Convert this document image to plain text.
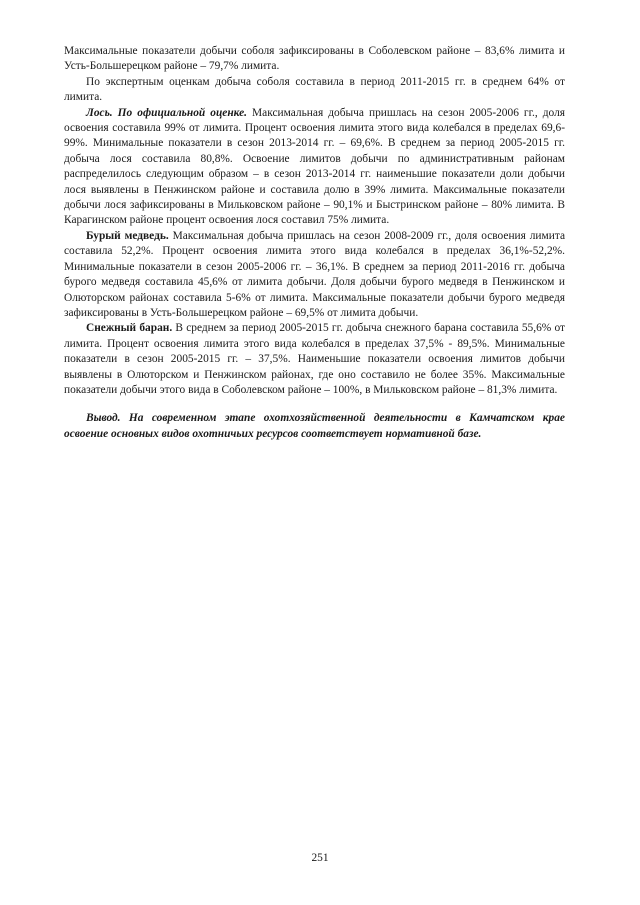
Максимальные показатели добычи соболя зафиксированы в Соболевском районе – 83,6% лимита и Усть-Большерецком районе – 79,7% лимита.

По экспертным оценкам добыча соболя составила в период 2011-2015 гг. в среднем 64% от лимита.

Лось. По официальной оценке. Максимальная добыча пришлась на сезон 2005-2006 гг., доля освоения составила 99% от лимита. Процент освоения лимита этого вида колебался в пределах 69,6-99%. Минимальные показатели в сезон 2013-2014 гг. – 69,6%. В среднем за период 2005-2015 гг. добыча лося составила 80,8%. Освоение лимитов добычи по административным районам распределилось следующим образом – в сезон 2013-2014 гг. наименьшие показатели доли добычи лося выявлены в Пенжинском районе и составила долю в 39% лимита. Максимальные показатели добычи лося зафиксированы в Мильковском районе – 90,1% и Быстринском районе – 80% лимита. В Карагинском районе процент освоения лося составил 75% лимита.

Бурый медведь. Максимальная добыча пришлась на сезон 2008-2009 гг., доля освоения лимита составила 52,2%. Процент освоения лимита этого вида колебался в пределах 36,1%-52,2%. Минимальные показатели в сезон 2005-2006 гг. – 36,1%. В среднем за период 2011-2016 гг. добыча бурого медведя составила 45,6% от лимита добычи. Доля добычи бурого медведя в Пенжинском и Олюторском районах составила 5-6% от лимита. Максимальные показатели добычи бурого медведя зафиксированы в Усть-Большерецком районе – 69,5% от лимита добычи.

Снежный баран. В среднем за период 2005-2015 гг. добыча снежного барана составила 55,6% от лимита. Процент освоения лимита этого вида колебался в пределах 37,5% - 89,5%. Минимальные показатели в сезон 2005-2015 гг. – 37,5%. Наименьшие показатели освоения лимитов добычи выявлены в Олюторском и Пенжинском районах, где оно составило не более 35%. Максимальные показатели добычи этого вида в Соболевском районе – 100%, в Мильковском районе – 81,3% лимита.

Вывод. На современном этапе охотхозяйственной деятельности в Камчатском крае освоение основных видов охотничьих ресурсов соответствует нормативной базе.

251
